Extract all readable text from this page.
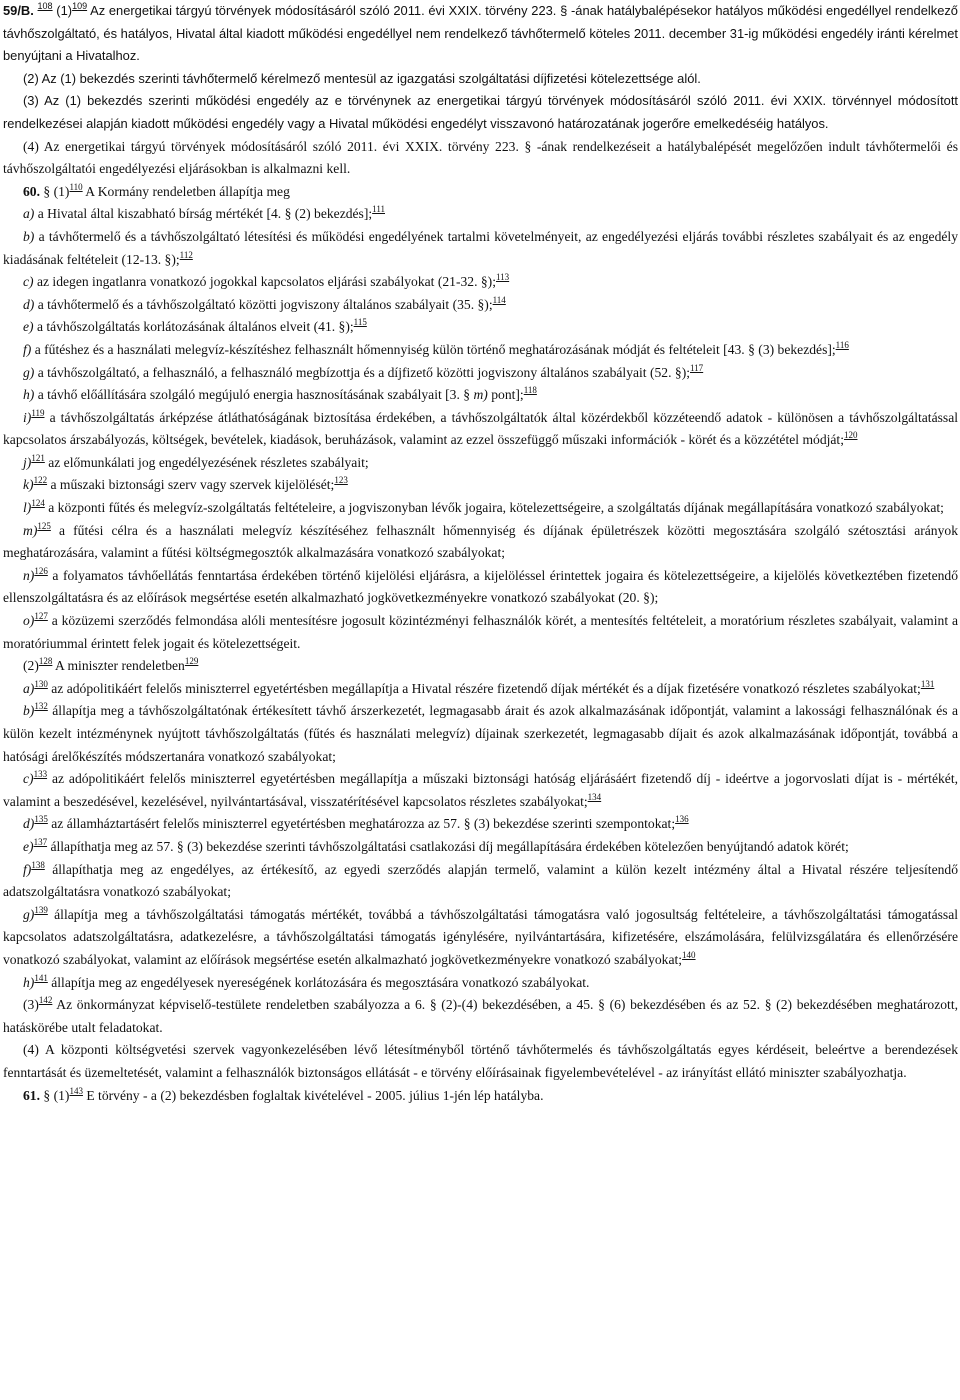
59/B. $^{108}$ $(1)^{109}$ Az energetikai tárgyú törvények módosításáról szóló 2011. évi XXIX. törvény 223. § -ának hatálybalépésekor hatályos működési engedéllyel rendelkező távhőszolgáltató, és hatályos, Hivatal által kiadott működési engedéllyel nem rendelkező távhőtermelő köteles 2011. december 31-ig működési engedély iránti kérelmet benyújtani a Hivatalhoz.

(2) Az (1) bekezdés szerinti távhőtermelő kérelmező mentesül az igazgatási szolgáltatási díjfizetési kötelezettsége alól.

(3) Az (1) bekezdés szerinti működési engedély az e törvénynek az energetikai tárgyú törvények módosításáról szóló 2011. évi XXIX. törvénnyel módosított rendelkezései alapján kiadott működési engedély vagy a Hivatal működési engedélyt visszavonó határozatának jogerőre emelkedéséig hatályos.

(4) Az energetikai tárgyú törvények módosításáról szóló 2011. évi XXIX. törvény 223. § -ának rendelkezéseit a hatálybalépését megelőzően indult távhőtermelői és távhőszolgáltatói engedélyezési eljárásokban is alkalmazni kell.

60. § $(1)^{110}$ A Kormány rendeletben állapítja meg

a) a Hivatal által kiszabható bírság mértékét [4. § (2) bekezdés];$^{111}$

b) a távhőtermelő és a távhőszolgáltató létesítési és működési engedélyének tartalmi követelményeit, az engedélyezési eljárás további részletes szabályait és az engedély kiadásának feltételeit (12-13. §);$^{112}$

c) az idegen ingatlanra vonatkozó jogokkal kapcsolatos eljárási szabályokat (21-32. §);$^{113}$

d) a távhőtermelő és a távhőszolgáltató közötti jogviszony általános szabályait (35. §);$^{114}$

e) a távhőszolgáltatás korlátozásának általános elveit (41. §);$^{115}$

f) a fűtéshez és a használati melegvíz-készítéshez felhasznált hőmennyiség külön történő meghatározásának módját és feltételeit [43. § (3) bekezdés];$^{116}$

g) a távhőszolgáltató, a felhasználó, a felhasználó megbízottja és a díjfizető közötti jogviszony általános szabályait (52. §);$^{117}$

h) a távhő előállítására szolgáló megújuló energia hasznosításának szabályait [3. § m) pont];$^{118}$

i)$^{119}$ a távhőszolgáltatás árképzése átláthatóságának biztosítása érdekében, a távhőszolgáltatók által közérdekből közzéteendő adatok - különösen a távhőszolgáltatással kapcsolatos árszabályozás, költségek, bevételek, kiadások, beruházások, valamint az ezzel összefüggő műszaki információk - körét és a közzététel módját;$^{120}$

j)$^{121}$ az előmunkálati jog engedélyezésének részletes szabályait;

k)$^{122}$ a műszaki biztonsági szerv vagy szervek kijelölését;$^{123}$

l)$^{124}$ a központi fűtés és melegvíz-szolgáltatás feltételeire, a jogviszonyban lévők jogaira, kötelezettségeire, a szolgáltatás díjának megállapítására vonatkozó szabályokat;

m)$^{125}$ a fűtési célra és a használati melegvíz készítéséhez felhasznált hőmennyiség és díjának épületrészek közötti megosztására szolgáló szétosztási arányok meghatározására, valamint a fűtési költségmegosztók alkalmazására vonatkozó szabályokat;

n)$^{126}$ a folyamatos távhőellátás fenntartása érdekében történő kijelölési eljárásra, a kijelöléssel érintettek jogaira és kötelezettségeire, a kijelölés következtében fizetendő ellenszolgáltatásra és az előírások megsértése esetén alkalmazható jogkövetkezményekre vonatkozó szabályokat (20. §);

o)$^{127}$ a közüzemi szerződés felmondása alóli mentesítésre jogosult közintézményi felhasználók körét, a mentesítés feltételeit, a moratórium részletes szabályait, valamint a moratóriummal érintett felek jogait és kötelezettségeit.

$(2)^{128}$ A miniszter rendeletben$^{129}$

a)$^{130}$ az adópolitikáért felelős miniszterrel egyetértésben megállapítja a Hivatal részére fizetendő díjak mértékét és a díjak fizetésére vonatkozó részletes szabályokat;$^{131}$

b)$^{132}$ állapítja meg a távhőszolgáltatónak értékesített távhő árszerkezetét, legmagasabb árait és azok alkalmazásának időpontját, valamint a lakossági felhasználónak és a külön kezelt intézménynek nyújtott távhőszolgáltatás (fűtés és használati melegvíz) díjainak szerkezetét, legmagasabb díjait és azok alkalmazásának időpontját, továbbá a hatósági árelőkészítés módszertanára vonatkozó szabályokat;

c)$^{133}$ az adópolitikáért felelős miniszterrel egyetértésben megállapítja a műszaki biztonsági hatóság eljárásáért fizetendő díj - ideértve a jogorvoslati díjat is - mértékét, valamint a beszedésével, kezelésével, nyilvántartásával, visszatérítésével kapcsolatos részletes szabályokat;$^{134}$

d)$^{135}$ az államháztartásért felelős miniszterrel egyetértésben meghatározza az 57. § (3) bekezdése szerinti szempontokat;$^{136}$

e)$^{137}$ állapíthatja meg az 57. § (3) bekezdése szerinti távhőszolgáltatási csatlakozási díj megállapítására érdekében kötelezően benyújtandó adatok körét;

f)$^{138}$ állapíthatja meg az engedélyes, az értékesítő, az egyedi szerződés alapján termelő, valamint a külön kezelt intézmény által a Hivatal részére teljesítendő adatszolgáltatásra vonatkozó szabályokat;

g)$^{139}$ állapítja meg a távhőszolgáltatási támogatás mértékét, továbbá a távhőszolgáltatási támogatásra való jogosultság feltételeire, a távhőszolgáltatási támogatással kapcsolatos adatszolgáltatásra, adatkezelésre, a távhőszolgáltatási támogatás igénylésére, nyilvántartására, kifizetésére, elszámolására, felülvizsgálatára és ellenőrzésére vonatkozó szabályokat, valamint az előírások megsértése esetén alkalmazható jogkövetkezményekre vonatkozó szabályokat;$^{140}$

h)$^{141}$ állapítja meg az engedélyesek nyereségének korlátozására és megosztására vonatkozó szabályokat.

$(3)^{142}$ Az önkormányzat képviselő-testülete rendeletben szabályozza a 6. § (2)-(4) bekezdésében, a 45. § (6) bekezdésében és az 52. § (2) bekezdésében meghatározott, hatáskörébe utalt feladatokat.

(4) A központi költségvetési szervek vagyonkezelésében lévő létesítményből történő távhőtermelés és távhőszolgáltatás egyes kérdéseit, beleértve a berendezések fenntartását és üzemeltetését, valamint a felhasználók biztonságos ellátását - e törvény előírásainak figyelembevételével - az irányítást ellátó miniszter szabályozhatja.

61. § $(1)^{143}$ E törvény - a (2) bekezdésben foglaltak kivételével - 2005. július 1-jén lép hatályba.
